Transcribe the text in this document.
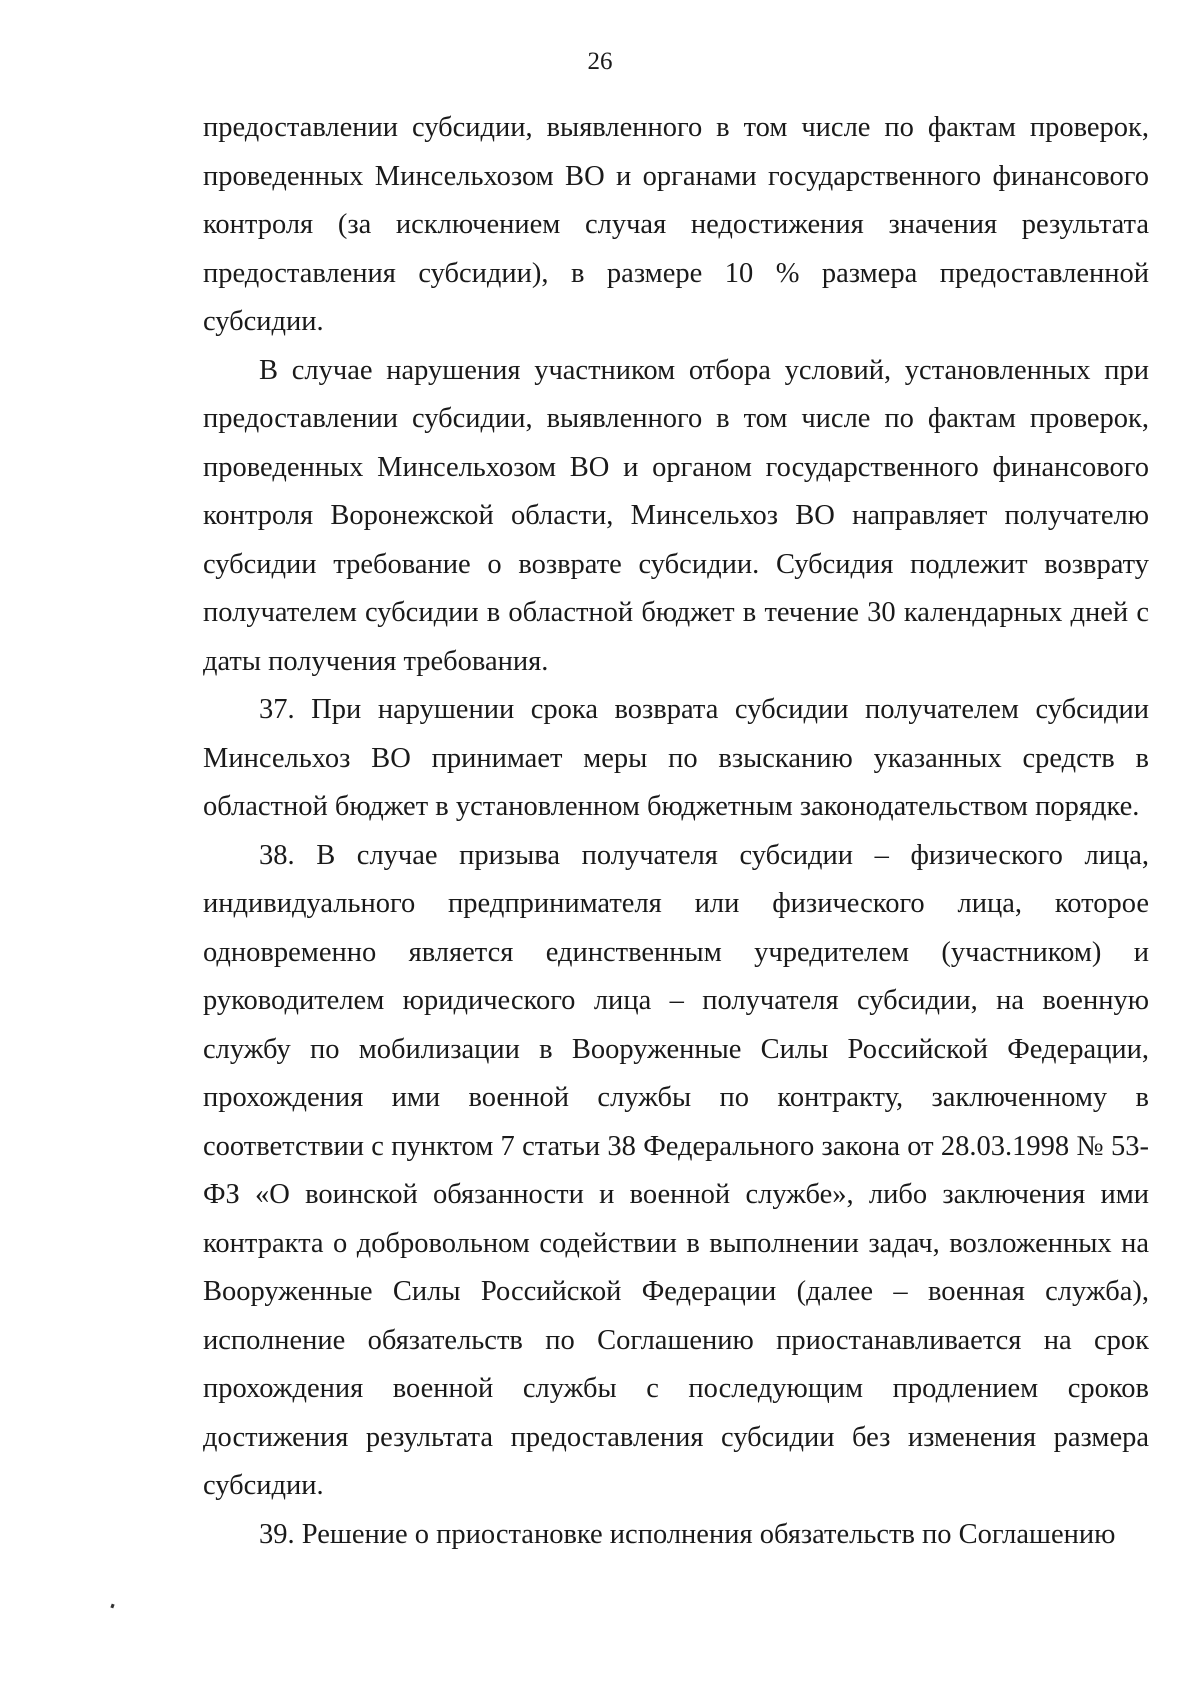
26

предоставлении субсидии, выявленного в том числе по фактам проверок, проведенных Минсельхозом ВО и органами государственного финансового контроля (за исключением случая недостижения значения результата предоставления субсидии), в размере 10 % размера предоставленной субсидии.

В случае нарушения участником отбора условий, установленных при предоставлении субсидии, выявленного в том числе по фактам проверок, проведенных Минсельхозом ВО и органом государственного финансового контроля Воронежской области, Минсельхоз ВО направляет получателю субсидии требование о возврате субсидии. Субсидия подлежит возврату получателем субсидии в областной бюджет в течение 30 календарных дней с даты получения требования.

37. При нарушении срока возврата субсидии получателем субсидии Минсельхоз ВО принимает меры по взысканию указанных средств в областной бюджет в установленном бюджетным законодательством порядке.

38. В случае призыва получателя субсидии – физического лица, индивидуального предпринимателя или физического лица, которое одновременно является единственным учредителем (участником) и руководителем юридического лица – получателя субсидии, на военную службу по мобилизации в Вооруженные Силы Российской Федерации, прохождения ими военной службы по контракту, заключенному в соответствии с пунктом 7 статьи 38 Федерального закона от 28.03.1998 № 53-ФЗ «О воинской обязанности и военной службе», либо заключения ими контракта о добровольном содействии в выполнении задач, возложенных на Вооруженные Силы Российской Федерации (далее – военная служба), исполнение обязательств по Соглашению приостанавливается на срок прохождения военной службы с последующим продлением сроков достижения результата предоставления субсидии без изменения размера субсидии.

39. Решение о приостановке исполнения обязательств по Соглашению
